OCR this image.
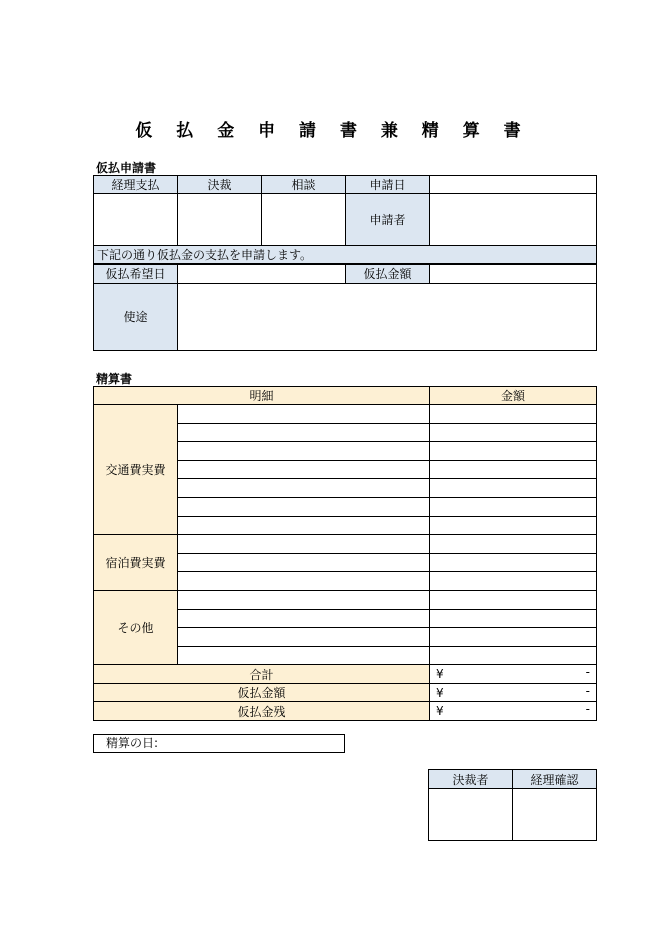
仮 払 金 申 請 書 兼 精 算 書
仮払申請書
経理支払	決裁	相談	申請日	
			申請者	
下記の通り仮払金の支払を申請します。				
仮払希望日			仮払金額	
使途				
精算書
明細		金額
交通費実費		

宿泊費実費		

その他		

合計		¥ -

仮払金額		¥ -

仮払金残		¥ -
精算の日:
決裁者	経理確認
